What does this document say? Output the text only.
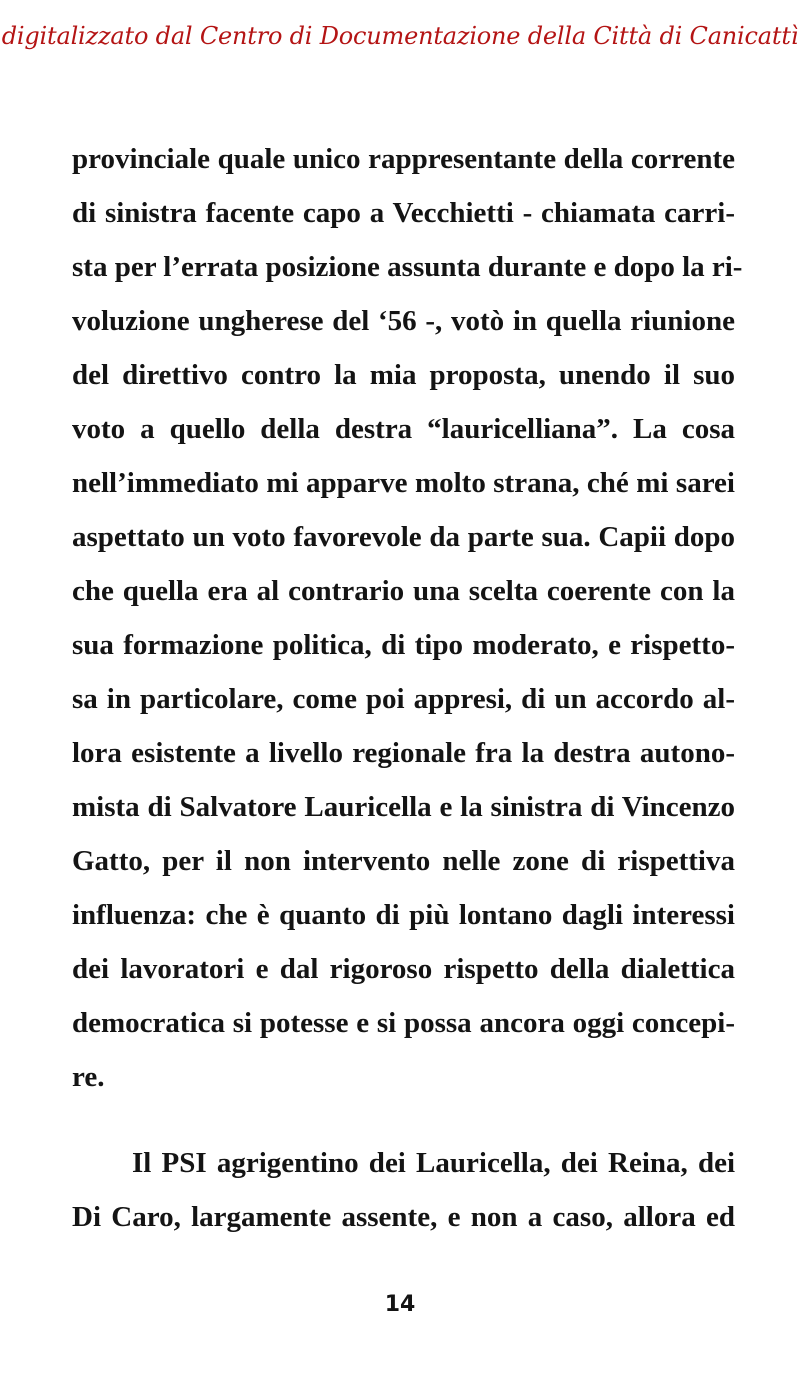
digitalizzato dal Centro di Documentazione della Città di Canicattì
provinciale quale unico rappresentante della corrente
di sinistra facente capo a Vecchietti - chiamata carri-
sta per l’errata posizione assunta durante e dopo la ri-
voluzione ungherese del ‘56 -, votò in quella riunione
del direttivo contro la mia proposta, unendo il suo
voto a quello della destra “lauricelliana”. La cosa
nell’immediato mi apparve molto strana, ché mi sarei
aspettato un voto favorevole da parte sua. Capii dopo
che quella era al contrario una scelta coerente con la
sua formazione politica, di tipo moderato, e rispetto-
sa in particolare, come poi appresi, di un accordo al-
lora esistente a livello regionale fra la destra autono-
mista di Salvatore Lauricella e la sinistra di Vincenzo
Gatto, per il non intervento nelle zone di rispettiva
influenza: che è quanto di più lontano dagli interessi
dei lavoratori e dal rigoroso rispetto della dialettica
democratica si potesse e si possa ancora oggi concepi-
re.
Il PSI agrigentino dei Lauricella, dei Reina, dei
Di Caro, largamente assente, e non a caso, allora ed
14
